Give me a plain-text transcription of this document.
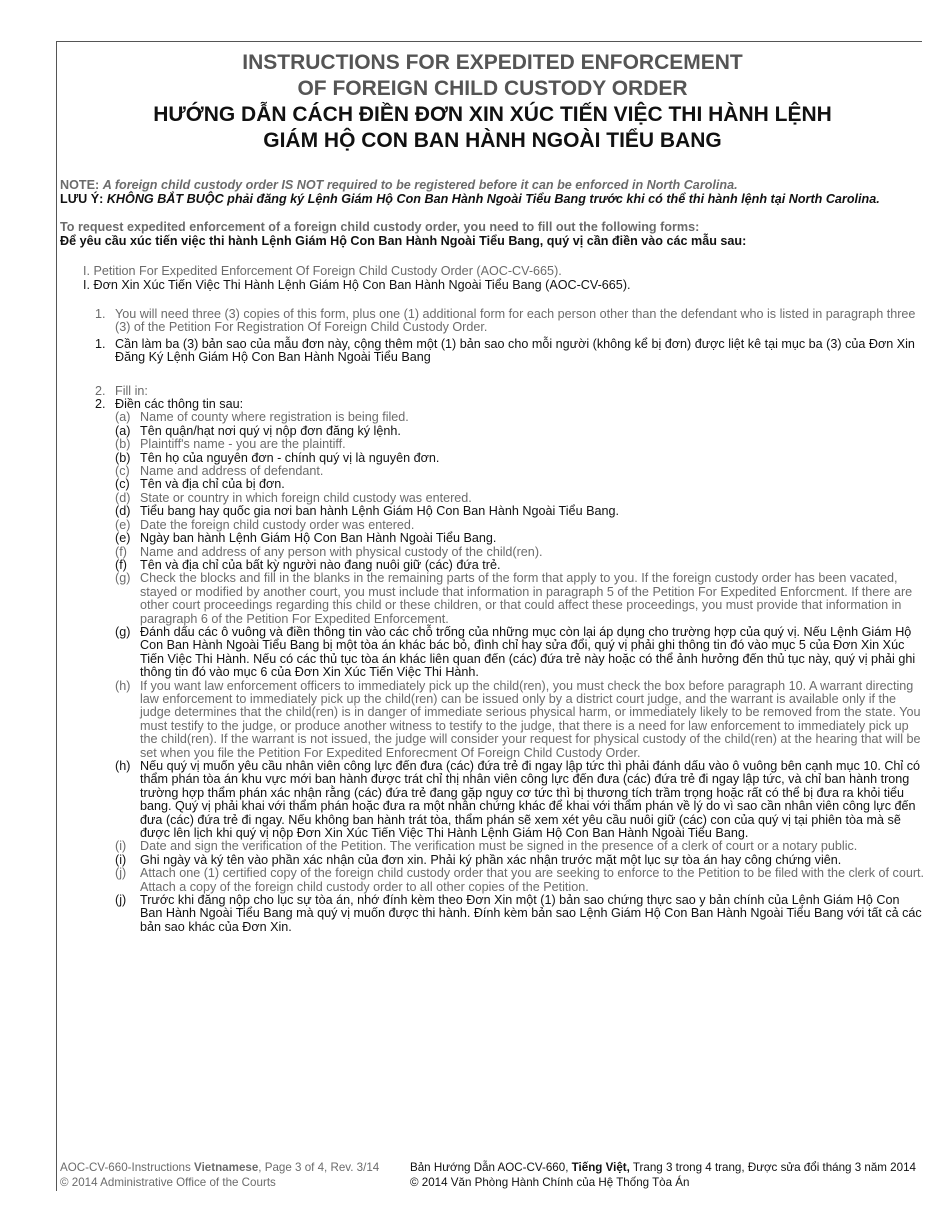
INSTRUCTIONS FOR EXPEDITED ENFORCEMENT
OF FOREIGN CHILD CUSTODY ORDER
HƯỚNG DẪN CÁCH ĐIỀN ĐƠN XIN XÚC TIẾN VIỆC THI HÀNH LỆNH
GIÁM HỘ CON BAN HÀNH NGOÀI TIỂU BANG
NOTE: A foreign child custody order IS NOT required to be registered before it can be enforced in North Carolina.
LƯU Ý: KHÔNG BẮT BUỘC phải đăng ký Lệnh Giám Hộ Con Ban Hành Ngoài Tiểu Bang trước khi có thể thi hành lệnh tại North Carolina.
To request expedited enforcement of a foreign child custody order, you need to fill out the following forms:
Để yêu cầu xúc tiến việc thi hành Lệnh Giám Hộ Con Ban Hành Ngoài Tiểu Bang, quý vị cần điền vào các mẫu sau:
I. Petition For Expedited Enforcement Of Foreign Child Custody Order (AOC-CV-665).
I. Đơn Xin Xúc Tiến Việc Thi Hành Lệnh Giám Hộ Con Ban Hành Ngoài Tiểu Bang (AOC-CV-665).
1. You will need three (3) copies of this form, plus one (1) additional form for each person other than the defendant who is listed in paragraph three (3) of the Petition For Registration Of Foreign Child Custody Order.
1. Cần làm ba (3) bản sao của mẫu đơn này, cộng thêm một (1) bản sao cho mỗi người (không kể bị đơn) được liệt kê tại mục ba (3) của Đơn Xin Đăng Ký Lệnh Giám Hộ Con Ban Hành Ngoài Tiểu Bang
2. Fill in:
2. Điền các thông tin sau:
(a) Name of county where registration is being filed.
(a) Tên quận/hạt nơi quý vị nộp đơn đăng ký lệnh.
(b) Plaintiff's name - you are the plaintiff.
(b) Tên họ của nguyên đơn - chính quý vị là nguyên đơn.
(c) Name and address of defendant.
(c) Tên và địa chỉ của bị đơn.
(d) State or country in which foreign child custody was entered.
(d) Tiểu bang hay quốc gia nơi ban hành Lệnh Giám Hộ Con Ban Hành Ngoài Tiểu Bang.
(e) Date the foreign child custody order was entered.
(e) Ngày ban hành Lệnh Giám Hộ Con Ban Hành Ngoài Tiểu Bang.
(f)	Name and address of any person with physical custody of the child(ren).
(f)	Tên và địa chỉ của bất kỳ người nào đang nuôi giữ (các) đứa trẻ.
(g) Check the blocks and fill in the blanks in the remaining parts of the form that apply to you. If the foreign custody order has been vacated, stayed or modified by another court, you must include that information in paragraph 5 of the Petition For Expedited Enforcment. If there are other court proceedings regarding this child or these children, or that could affect these proceedings, you must provide that information in paragraph 6 of the Petition For Expedited Enforcement.
(g) Đánh dấu các ô vuông và điền thông tin vào các chỗ trống của những mục còn lại áp dụng cho trường hợp của quý vị. Nếu Lệnh Giám Hộ Con Ban Hành Ngoài Tiểu Bang bị một tòa án khác bác bỏ, đình chỉ hay sửa đổi, quý vị phải ghi thông tin đó vào mục 5 của Đơn Xin Xúc Tiến Việc Thi Hành. Nếu có các thủ tục tòa án khác liên quan đến (các) đứa trẻ này hoặc có thể ảnh hưởng đến thủ tục này, quý vị phải ghi thông tin đó vào mục 6 của Đơn Xin Xúc Tiến Việc Thi Hành.
(h) If you want law enforcement officers to immediately pick up the child(ren), you must check the box before paragraph 10. A warrant directing law enforcement to immediately pick up the child(ren) can be issued only by a district court judge, and the warrant is available only if the judge determines that the child(ren) is in danger of immediate serious physical harm, or immediately likely to be removed from the state. You must testify to the judge, or produce another witness to testify to the judge, that there is a need for law enforcement to immediately pick up the child(ren). If the warrant is not issued, the judge will consider your request for physical custody of the child(ren) at the hearing that will be set when you file the Petition For Expedited Enforecment Of Foreign Child Custody Order.
(h) Nếu quý vị muốn yêu cầu nhân viên công lực đến đưa (các) đứa trẻ đi ngay lập tức thì phải đánh dấu vào ô vuông bên cạnh mục 10. Chỉ có thẩm phán tòa án khu vực mới ban hành được trát chỉ thị nhân viên công lực đến đưa (các) đứa trẻ đi ngay lập tức, và chỉ ban hành trong trường hợp thẩm phán xác nhận rằng (các) đứa trẻ đang gặp nguy cơ tức thì bị thương tích trầm trọng hoặc rất có thể bị đưa ra khỏi tiểu bang. Quý vị phải khai với thẩm phán hoặc đưa ra một nhân chứng khác để khai với thẩm phán về lý do vì sao cần nhân viên công lực đến đưa (các) đứa trẻ đi ngay. Nếu không ban hành trát tòa, thẩm phán sẽ xem xét yêu cầu nuôi giữ (các) con của quý vị tại phiên tòa mà sẽ được lên lịch khi quý vị nộp Đơn Xin Xúc Tiến Việc Thi Hành Lệnh Giám Hộ Con Ban Hành Ngoài Tiểu Bang.
(i)	Date and sign the verification of the Petition. The verification must be signed in the presence of a clerk of court or a notary public.
(i)	Ghi ngày và ký tên vào phần xác nhận của đơn xin. Phải ký phần xác nhận trước mặt một lục sự tòa án hay công chứng viên.
(j)	Attach one (1) certified copy of the foreign child custody order that you are seeking to enforce to the Petition to be filed with the clerk of court. Attach a copy of the foreign child custody order to all other copies of the Petition.
(j)	Trước khi đăng nộp cho lục sự tòa án, nhớ đính kèm theo Đơn Xin một (1) bản sao chứng thực sao y bản chính của Lệnh Giám Hộ Con Ban Hành Ngoài Tiểu Bang mà quý vị muốn được thi hành. Đính kèm bản sao Lệnh Giám Hộ Con Ban Hành Ngoài Tiểu Bang với tất cả các bản sao khác của Đơn Xin.
AOC-CV-660-Instructions Vietnamese, Page 3 of 4, Rev. 3/14
© 2014 Administrative Office of the Courts
Bản Hướng Dẫn AOC-CV-660, Tiếng Việt, Trang 3 trong 4 trang, Được sửa đổi tháng 3 năm 2014
© 2014 Văn Phòng Hành Chính của Hệ Thống Tòa Án
